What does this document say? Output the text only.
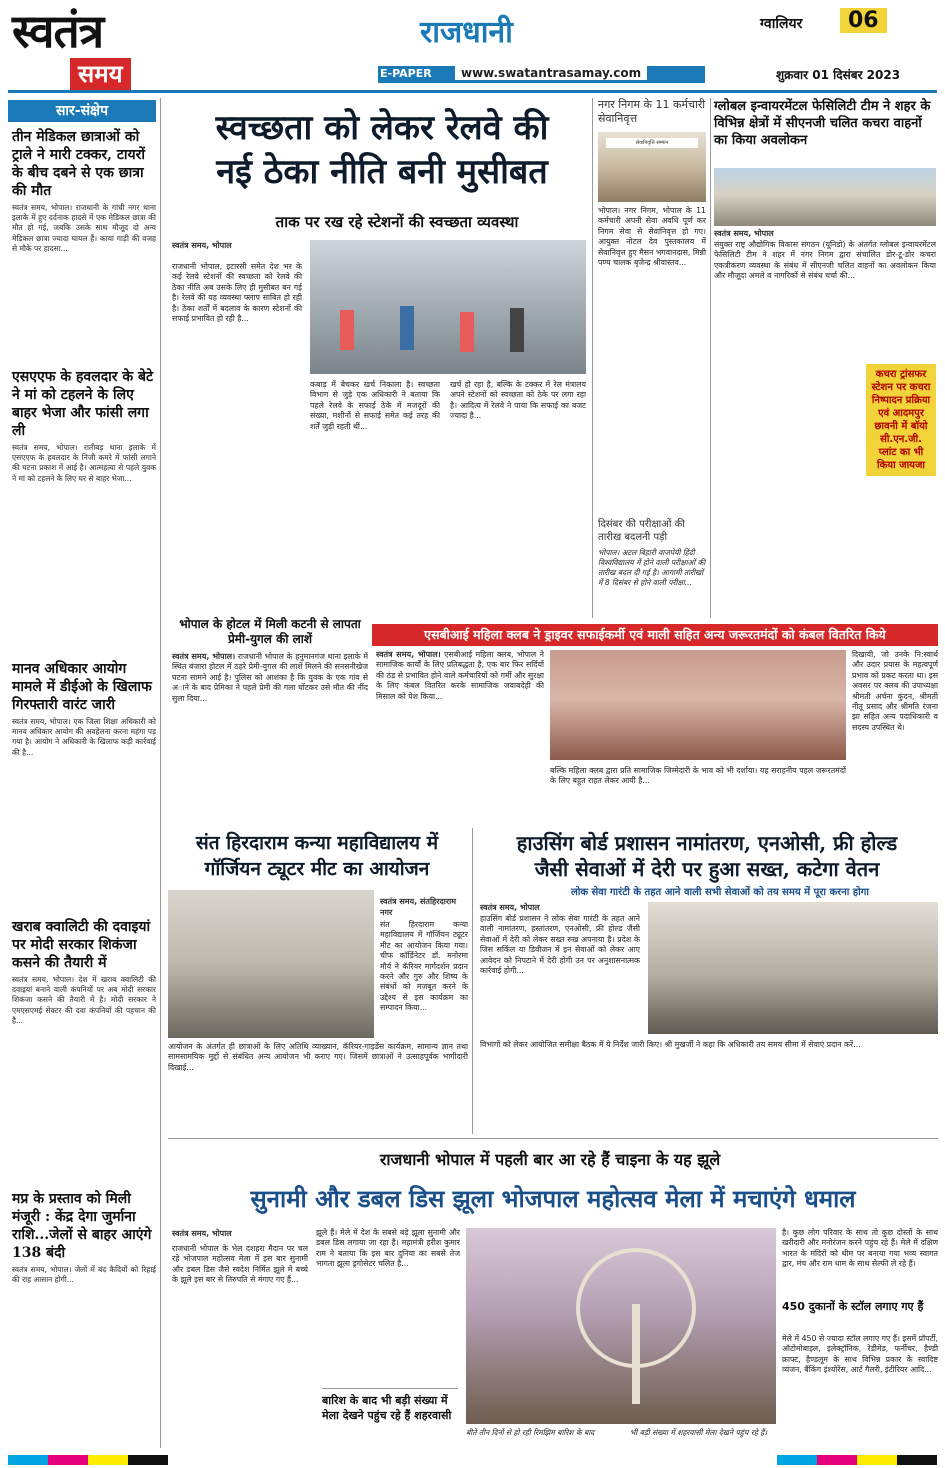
स्वतंत्र
समय
राजधानी
E-PAPER	www.swatantrasamay.com
ग्वालियर	06
शुक्रवार 01 दिसंबर 2023
सार-संक्षेप
तीन मेडिकल छात्राओं को ट्राले ने मारी टक्कर, टायरों के बीच दबने से एक छात्रा की मौत
स्वतंत्र समय, भोपाल। राजधानी के गांधी नगर थाना इलाके में हुए दर्दनाक हादसे में एक मेडिकल छात्रा की मौत हो गई, जबकि उसके साथ मौजूद दो अन्य मेडिकल छात्रा ज्यादा घायल हैं। काया गाड़ी की वजह से मौके पर हादसा...
एसएएफ के हवलदार के बेटे ने मां को टहलने के लिए बाहर भेजा और फांसी लगा ली
स्वतंत्र समय, भोपाल। रातीबड़ थाना इलाके में एसएएफ के हवलदार के निजी कमरे में फांसी लगाने की घटना प्रकाश में आई है। आत्महत्या से पहले युवक ने मां को टहलने के लिए घर से बाहर भेजा...
मानव अधिकार आयोग मामले में डीईओ के खिलाफ गिरफ्तारी वारंट जारी
स्वतंत्र समय, भोपाल। एक जिला शिक्षा अधिकारी को मानव अधिकार आयोग की अवहेलना करना महंगा पड़ गया है। आयोग ने अधिकारी के खिलाफ कड़ी कार्रवाई की है...
खराब क्वालिटी की दवाइयां पर मोदी सरकार शिकंजा कसने की तैयारी में
स्वतंत्र समय, भोपाल। देश में खराब क्वालिटी की दवाइयां बनाने वाली कंपनियों पर अब मोदी सरकार शिकंजा कसने की तैयारी में है। मोदी सरकार ने एमएसएमई सेक्टर की दवा कंपनियों की पहचान की है...
मप्र के प्रस्ताव को मिली मंजूरी : केंद्र देगा जुर्माना राशि...जेलों से बाहर आएंगे 138 बंदी
स्वतंत्र समय, भोपाल। जेलों में बंद कैदियों को रिहाई की राह आसान होगी...
स्वच्छता को लेकर रेलवे की
नई ठेका नीति बनी मुसीबत
ताक पर रख रहे स्टेशनों की स्वच्छता व्यवस्था
स्वतंत्र समय, भोपाल
राजधानी भोपाल, इटारसी समेत देश भर के कई रेलवे स्टेशनों की स्वच्छता को रेलवे की ठेका नीति अब उसके लिए ही मुसीबत बन गई है। रेलवे की यह व्यवस्था फ्लाप साबित हो रही है। ठेका शर्तों में बदलाव के कारण स्टेशनों की सफाई प्रभावित हो रही है...
कबाड़ में बेचकर खर्च निकाला है। स्वच्छता विभाग से जुड़े एक अधिकारी ने बताया कि पहले रेलवे के सफाई ठेके में मजदूरों की संख्या, मशीनों से सफाई समेत कई तरह की शर्तें जुड़ी रहती थीं...
खर्च हो रहा है, बल्कि के टक्कर में रेल मंत्रालय अपने स्टेशनों को स्वच्छता को ठेके पर लगा रहा है। आदित्य में रेलवे ने पाया कि सफाई का बजट ज्यादा है...
भोपाल के होटल में मिली कटनी से लापता प्रेमी-युगल की लाशें
स्वतंत्र समय, भोपाल। राजधानी भोपाल के हनुमानगंज थाना इलाके में स्थित बंजारा होटल में ठहरे प्रेमी-युगल की लाशें मिलने की सनसनीखेज घटना सामने आई है। पुलिस को आशंका है कि युवक के एक गांव से अाने के बाद प्रेमिका ने पहले प्रेमी की गला घोंटकर उसे मौत की नींद सुला दिया...
नगर निगम के 11 कर्मचारी सेवानिवृत्त
सेवानिवृत्ति सम्मान
भोपाल। नगर निगम, भोपाल के 11 कर्मचारी अपनी सेवा अवधि पूर्ण कर निगम सेवा से सेवानिवृत्त हो गए। आयुक्त नोटल देव पुस्तकालय में सेवानिवृत्त हुए मैसन भगवानदास, मिन्नी पण्य चालक बृजेन्द्र श्रीवास्तव...
दिसंबर की परीक्षाओं की तारीख बदलनी पड़ी
भोपाल। अटल बिहारी वाजपेयी हिंदी विश्वविद्यालय में होने वाली परीक्षाओं की तारीख बदल दी गई है। आगामी तारीखों में 8 दिसंबर से होने वाली परीक्षा...
ग्लोबल इन्वायरमेंटल फेसिलिटी टीम ने शहर के विभिन्न क्षेत्रों में सीएनजी चलित कचरा वाहनों का किया अवलोकन
स्वतंत्र समय, भोपाल
संयुक्त राष्ट्र औद्योगिक विकास संगठन (यूनिडो) के अंतर्गत ग्लोबल इन्वायरमेंटल फेसिलिटी टीम ने शहर में नगर निगम द्वारा संचालित डोर-टू-डोर कचरा एकत्रीकरण व्यवस्था के संबंध में सीएनजी चलित वाहनों का अवलोकन किया और मौजूदा अमले व नागरिकों से संबंध चर्चा की...
कचरा ट्रांसफर स्टेशन पर कचरा निष्पादन प्रक्रिया एवं आदमपुर छावनी में बॉयो सी.एन.जी. प्लांट का भी किया जायजा
एसबीआई महिला क्लब ने ड्राइवर सफाईकर्मी एवं माली सहित अन्य जरूरतमंदों को कंबल वितरित किये
स्वतंत्र समय, भोपाल। एसबीआई महिला क्लब, भोपाल ने सामाजिक कार्यों के लिए प्रतिबद्धता है, एक बार फिर सर्दियों की ठंड से प्रभावित होने वाले कर्मचारियों को गर्मी और सुरक्षा के लिए कंबल वितरित करके सामाजिक जवाबदेही की मिसाल को पेश किया...
बल्कि महिला क्लब द्वारा प्रति सामाजिक जिम्मेदारी के भाव को भी दर्शाया। यह सराहनीय पहल जरूरतमंदों के लिए बहुत राहत लेकर आयी है...
दिखायी, जो उनके नि:स्वार्थ और उदार प्रयास के महत्वपूर्ण प्रभाव को प्रकट करता था। इस अवसर पर क्लब की उपाध्यक्षा श्रीमती अर्चना कुंदन, श्रीमती नीतू प्रसाद और श्रीमति रंजना झा सहित अन्य पदाधिकारी व सदस्य उपस्थित थे।
संत हिरदाराम कन्या महाविद्यालय में
गॉर्जियन ट्यूटर मीट का आयोजन
स्वतंत्र समय, संतहिरदाराम नगर
संत हिरदाराम कन्या महाविद्यालय में गॉर्जियन ट्यूटर मीट का आयोजन किया गया। चीफ कॉर्डिनेटर डॉ. मनोरमा मौर्य ने कॅरियर मार्गदर्शन प्रदान करने और गुरु और शिष्य के संबंधों को मजबूत करने के उद्देश्य से इस कार्यक्रम का सम्पादन किया...
आयोजन के अंतर्गत ही छात्राओं के लिए अतिथि व्याख्यान, कॅरियर-गाइडेंस कार्यक्रम, सामान्य ज्ञान तथा सामसामयिक मुद्दों से संबंधित अन्य आयोजन भी कराए गए। जिसमें छात्राओं ने उत्साहपूर्वक भागीदारी दिखाई...
हाउसिंग बोर्ड प्रशासन नामांतरण, एनओसी, फ्री होल्ड
जैसी सेवाओं में देरी पर हुआ सख्त, कटेगा वेतन
लोक सेवा गारंटी के तहत आने वाली सभी सेवाओं को तय समय में पूरा करना होगा
स्वतंत्र समय, भोपाल
हाउसिंग बोर्ड प्रशासन ने लोक सेवा गारंटी के तहत आने वाली नामांतरण, हस्तांतरण, एनओसी, फ्री होल्ड जैसी सेवाओं में देरी को लेकर सख्त रुख अपनाया है। प्रदेश के जिस सर्किल या डिवीजन में इन सेवाओं को लेकर आए आवेदन को निपटाने में देरी होगी उन पर अनुशासनात्मक कार्रवाई होगी...
विभागों को लेकर आयोजित समीक्षा बैठक में ये निर्देश जारी किए। श्री मुखर्जी ने कहा कि अधिकारी तय समय सीमा में सेवाएं प्रदान करें...
राजधानी भोपाल में पहली बार आ रहे हैं चाइना के यह झूले
सुनामी और डबल डिस झूला भोजपाल महोत्सव मेला में मचाएंगे धमाल
स्वतंत्र समय, भोपाल
राजधानी भोपाल के भेल दशहरा मैदान पर चल रहे भोजपाल महोत्सव मेला में इस बार सुनामी और डबल डिस जैसे स्वदेश निर्मित झूले में बच्चे के झूले इस बार से तिरुपति से मंगाए गए हैं...
झूले हैं। मेले में देश के सबसे बड़े झूला सुनामी और डबल डिस लगाया जा रहा है। महामंत्री हरीश कुमार राम ने बताया कि इस बार दुनिया का सबसे तेज भागता झूला ड्रगोसेटर चलित है...
बारिश के बाद भी बड़ी संख्या में मेला देखने पहुंच रहे हैं शहरवासी
बीते तीन दिनों से हो रही रिमझिम बारिश के बाद	भी बड़ी संख्या में शहरवासी मेला देखने पहुंच रहे हैं।
है। कुछ लोग परिवार के साथ तो कुछ दोस्तों के साथ खरीदारी और मनोरंजन करने पहुंच रहे हैं। मेले में दक्षिण भारत के मंदिरों को थीम पर बनाया गया भव्य स्वागत द्वार, मंच और राम धाम के साथ सेल्फी ले रहे हैं।
450 दुकानों के स्टॉल लगाए गए हैं
मेले में 450 से ज्यादा स्टॉल लगाए गए हैं। इसमें प्रॉपर्टी, ऑटोमोबाइल, इलेक्ट्रॉनिक, रेडीमेड, फर्नीचर, हैण्डी क्राफ्ट, हैण्डलूम के साथ विभिन्न प्रकार के स्वादिष्ट व्यंजन, बैंकिंग इंश्योरेंस, आर्ट गैलरी, इंटीरियर आदि...
